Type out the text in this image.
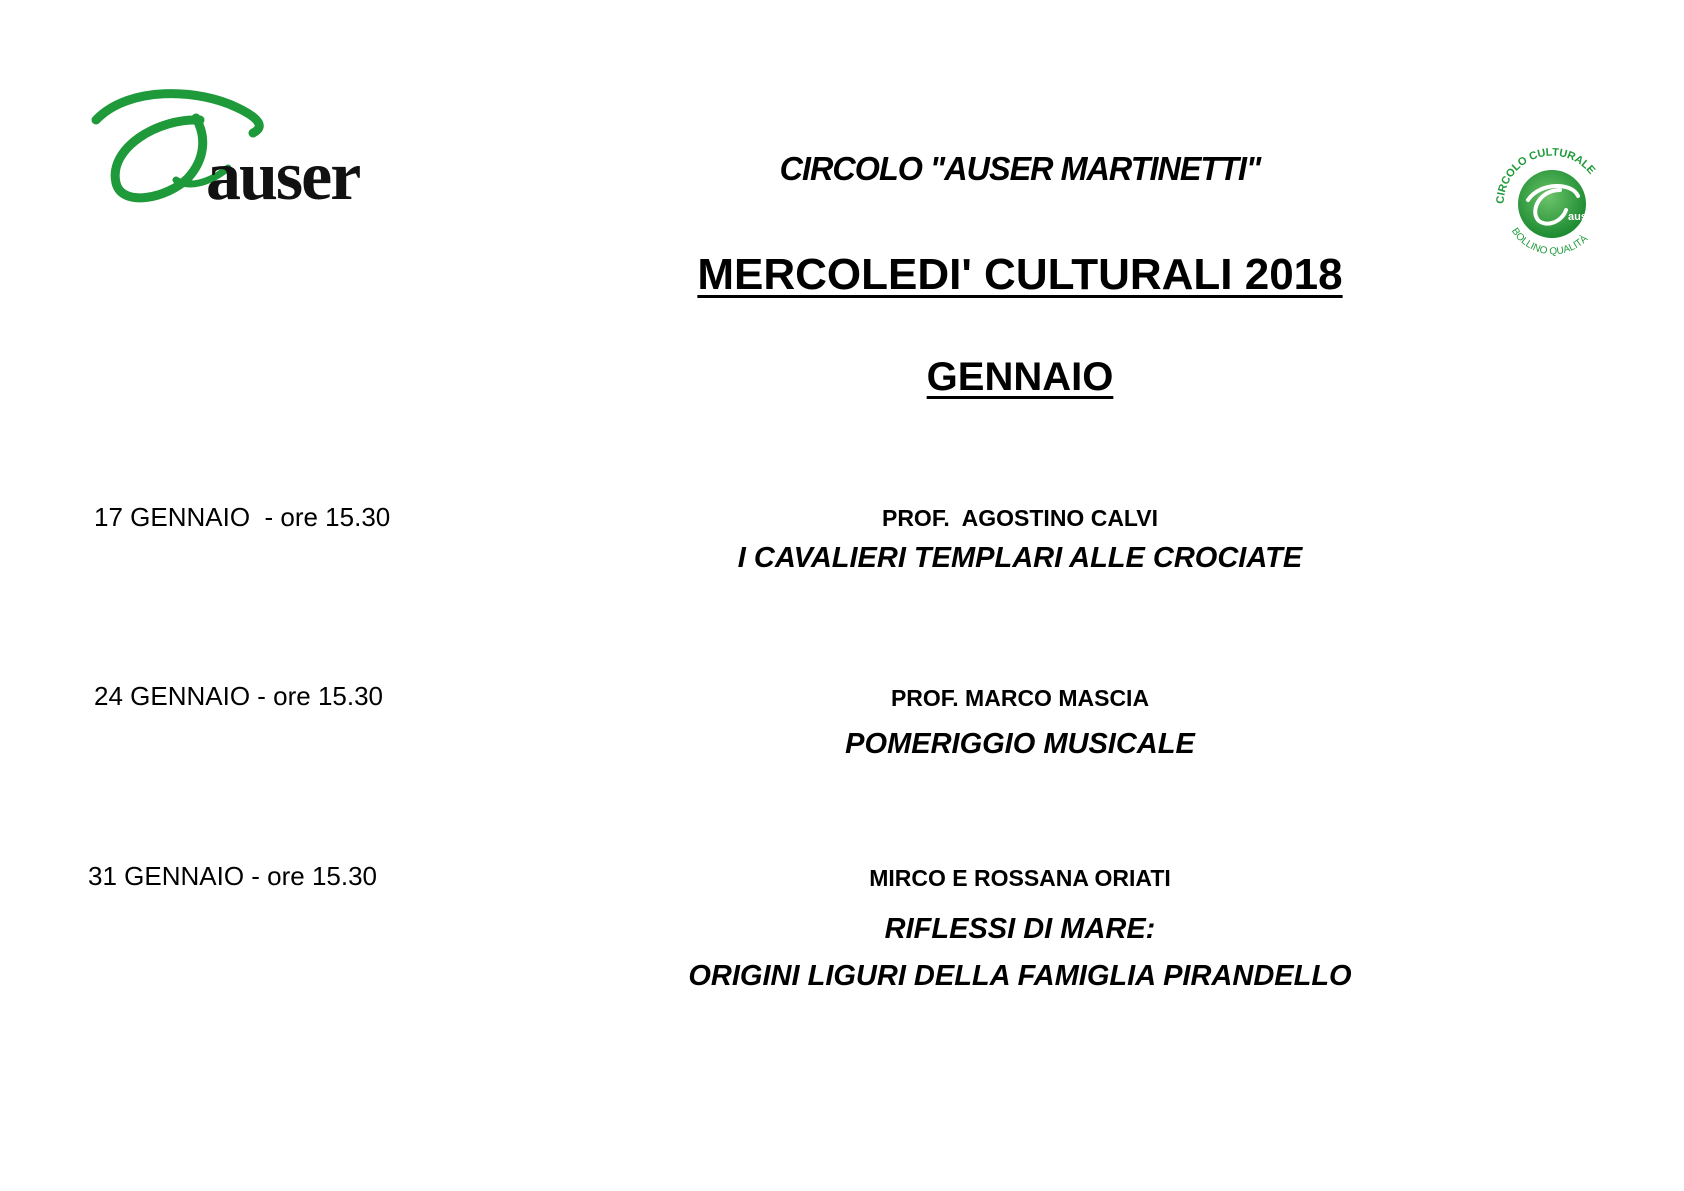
auser
auser
CIRCOLO CULTURALE
BOLLINO QUALITÀ
CIRCOLO "AUSER MARTINETTI"
MERCOLEDI' CULTURALI 2018
GENNAIO
17 GENNAIO  - ore 15.30	PROF.  AGOSTINO CALVI
I CAVALIERI TEMPLARI ALLE CROCIATE
24 GENNAIO - ore 15.30	PROF. MARCO MASCIA
POMERIGGIO MUSICALE
31 GENNAIO - ore 15.30	MIRCO E ROSSANA ORIATI
RIFLESSI DI MARE:
ORIGINI LIGURI DELLA FAMIGLIA PIRANDELLO
